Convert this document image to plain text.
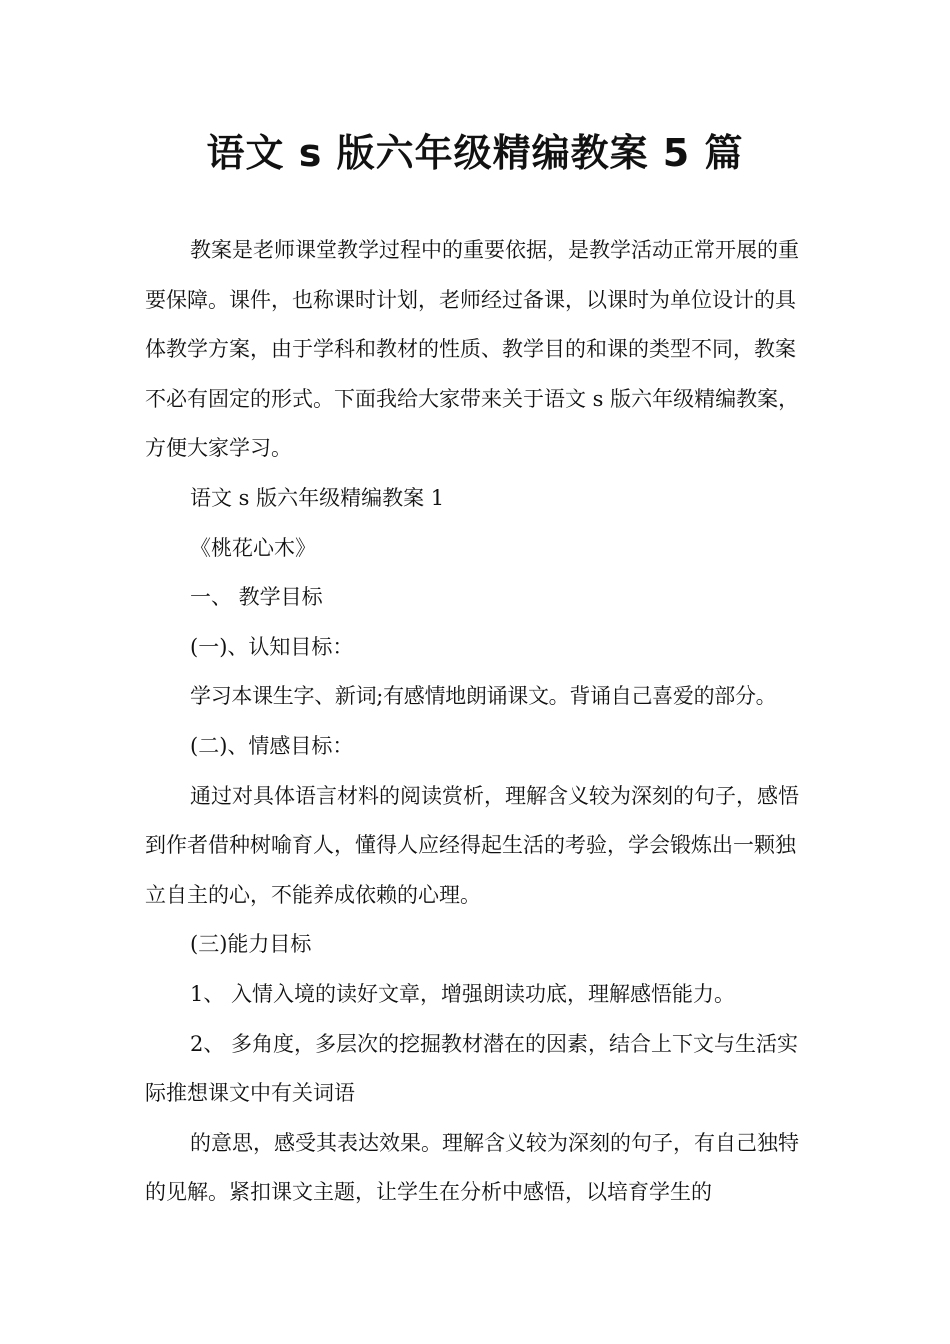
语文 s 版六年级精编教案 5 篇

教案是老师课堂教学过程中的重要依据，是教学活动正常开展的重要保障。课件，也称课时计划，老师经过备课，以课时为单位设计的具体教学方案，由于学科和教材的性质、教学目的和课的类型不同，教案不必有固定的形式。下面我给大家带来关于语文 s 版六年级精编教案，方便大家学习。

语文 s 版六年级精编教案 1

《桃花心木》

一、 教学目标

(一)、认知目标：

学习本课生字、新词;有感情地朗诵课文。背诵自己喜爱的部分。

(二)、情感目标：

通过对具体语言材料的阅读赏析，理解含义较为深刻的句子，感悟到作者借种树喻育人，懂得人应经得起生活的考验，学会锻炼出一颗独立自主的心，不能养成依赖的心理。

(三)能力目标

1、 入情入境的读好文章，增强朗读功底，理解感悟能力。

2、 多角度，多层次的挖掘教材潜在的因素，结合上下文与生活实际推想课文中有关词语

的意思，感受其表达效果。理解含义较为深刻的句子，有自己独特的见解。紧扣课文主题，让学生在分析中感悟，以培育学生的
